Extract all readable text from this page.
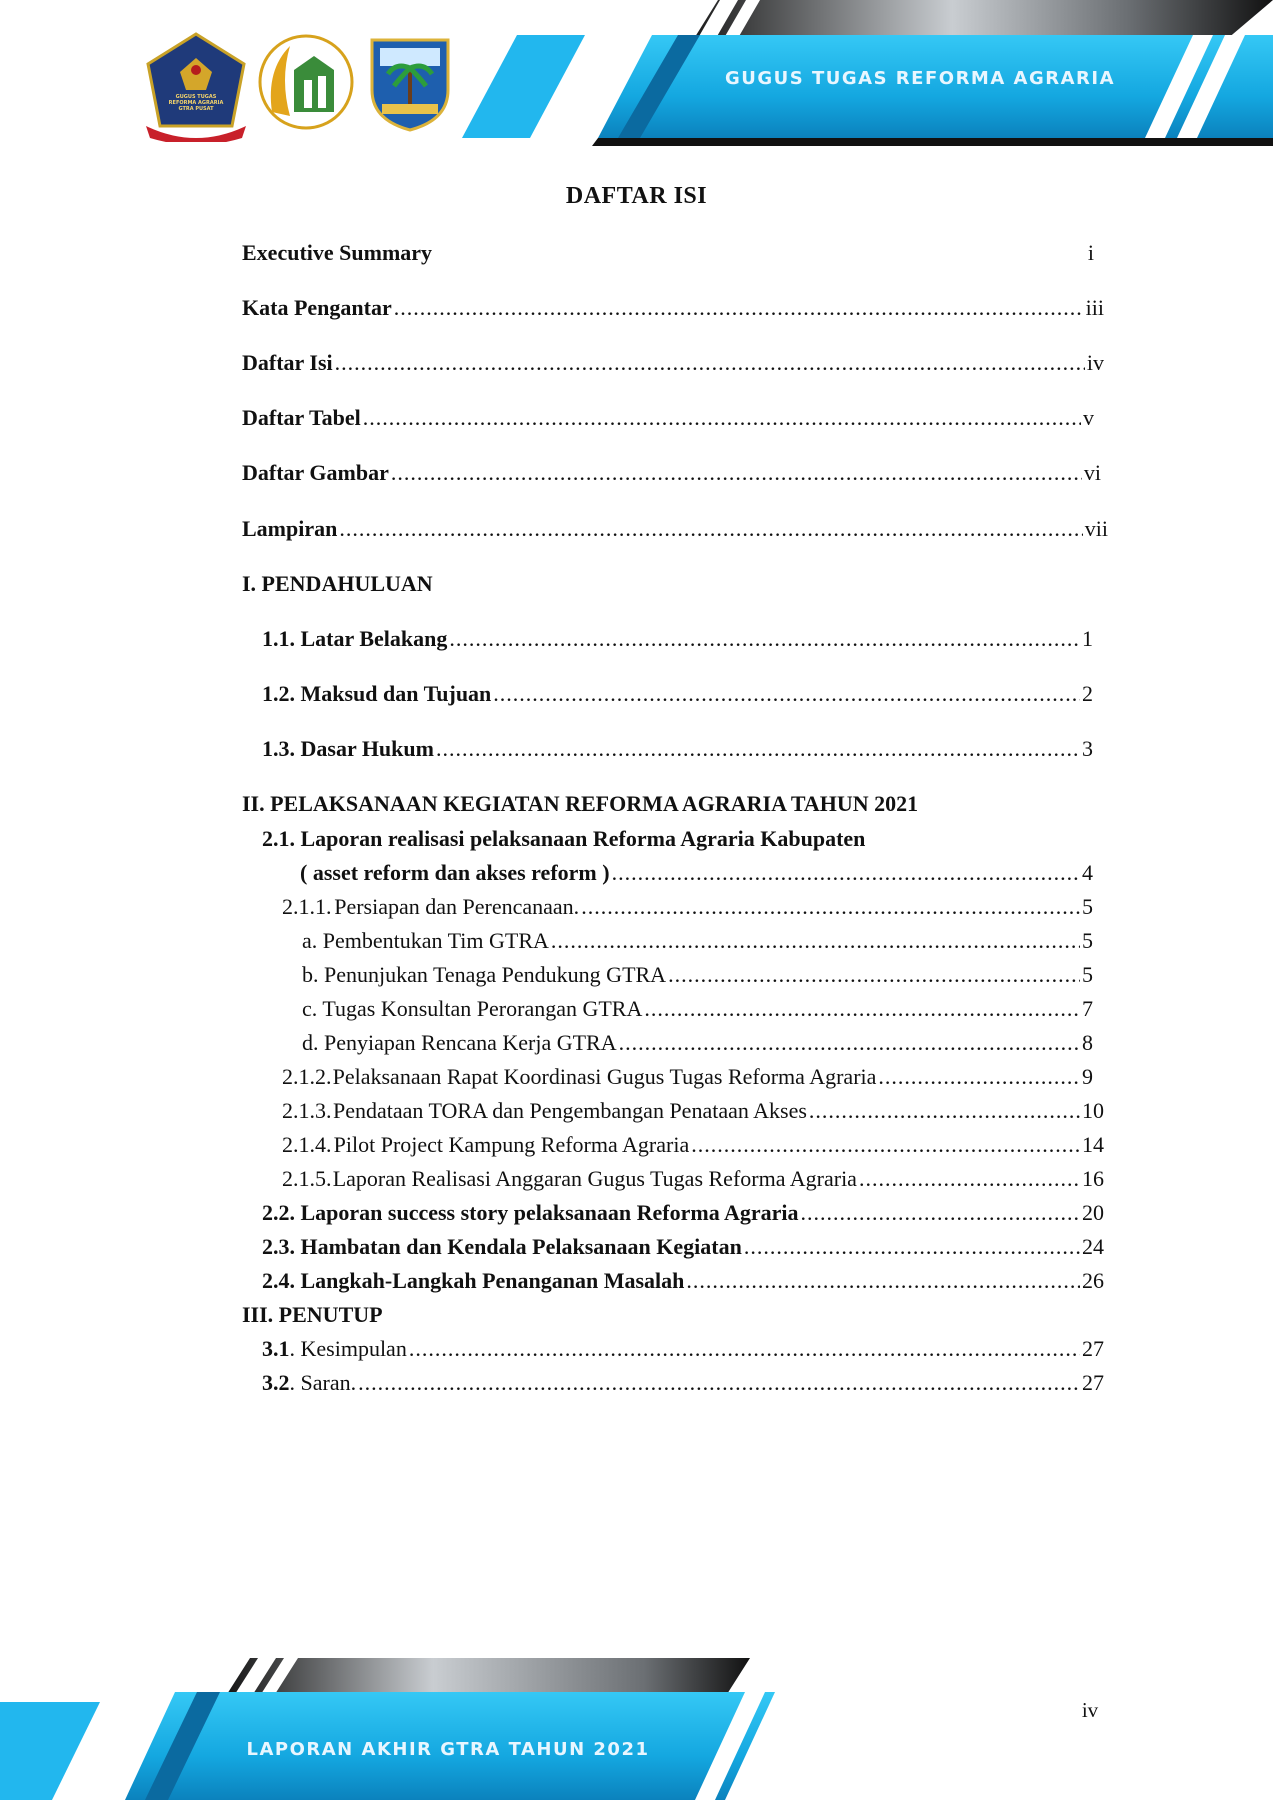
GUGUS TUGAS REFORMA AGRARIA GTRA PUSAT
GUGUS TUGAS REFORMA AGRARIA
DAFTAR ISI
Executive Summary	i
Kata Pengantar .....	iii
Daftar Isi .....	iv
Daftar Tabel .....	v
Daftar Gambar .....	vi
Lampiran .....	vii
I. PENDAHULUAN
1.1. Latar Belakang .....	1
1.2. Maksud dan Tujuan .....	2
1.3. Dasar Hukum .....	3
II. PELAKSANAAN KEGIATAN REFORMA AGRARIA TAHUN 2021
2.1. Laporan realisasi pelaksanaan Reforma Agraria Kabupaten
( asset reform dan akses reform ) .....	4
2.1.1. Persiapan dan Perencanaan. .....	5
a. Pembentukan Tim GTRA .....	5
b. Penunjukan Tenaga Pendukung GTRA .....	5
c. Tugas Konsultan Perorangan GTRA .....	7
d. Penyiapan Rencana Kerja GTRA .....	8
2.1.2. Pelaksanaan Rapat Koordinasi Gugus Tugas Reforma Agraria .....	9
2.1.3. Pendataan TORA dan Pengembangan Penataan Akses .....	10
2.1.4. Pilot Project Kampung Reforma Agraria .....	14
2.1.5. Laporan Realisasi Anggaran Gugus Tugas Reforma Agraria .....	16
2.2. Laporan success story pelaksanaan Reforma Agraria .....	20
2.3. Hambatan dan Kendala Pelaksanaan Kegiatan .....	24
2.4. Langkah-Langkah Penanganan Masalah .....	26
III. PENUTUP
3.1 . Kesimpulan .....	27
3.2 . Saran. .....	27
LAPORAN AKHIR GTRA TAHUN 2021
iv
